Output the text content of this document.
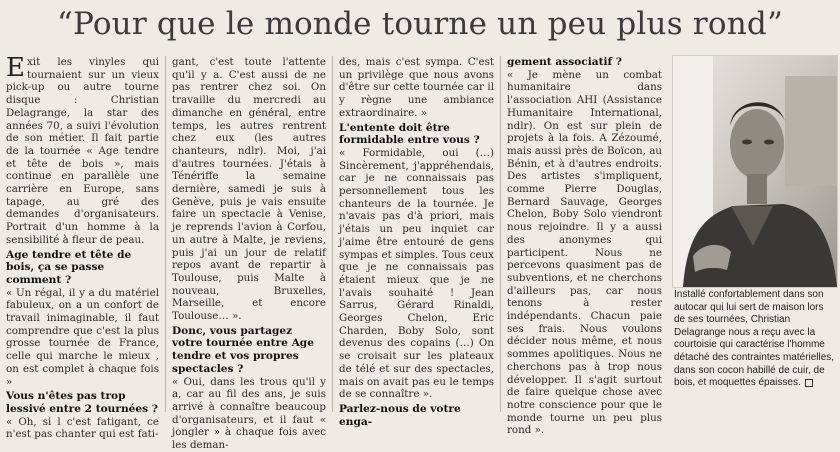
“Pour que le monde tourne un peu plus rond”

Exit les vinyles qui tournaient sur un vieux pick-up ou autre tourne disque : Christian Delagrange, la star des années 70, a suivi l'évolution de son métier. Il fait partie de la tournée « Age tendre et tête de bois », mais continue en parallèle une carrière en Europe, sans tapage, au gré des demandes d'organisateurs. Portrait d'un homme à la sensibilité à fleur de peau.

Age tendre et tête de bois, ça se passe comment ?

« Un régal, il y a du matériel fabuleux, on a un confort de travail inimaginable, il faut comprendre que c'est la plus grosse tournée de France, celle qui marche le mieux , on est complet à chaque fois »

Vous n'êtes pas trop lessivé entre 2 tournées ?

« Oh, si l c'est fatigant, ce n'est pas chanter qui est fati-

gant, c'est toute l'attente qu'il y a. C'est aussi de ne pas rentrer chez soi. On travaille du mercredi au dimanche en général, entre temps, les autres rentrent chez eux (les autres chanteurs, ndlr). Moi, j'ai d'autres tournées. J'étais à Ténériffe la semaine dernière, samedi je suis à Genève, puis je vais ensuite faire un spectacle à Venise, je reprends l'avion à Corfou, un autre à Malte, je reviens, puis j'ai un jour de relatif repos avant de repartir à Toulouse, puis Malte à nouveau, Bruxelles, Marseille, et encore Toulouse… ».

Donc, vous partagez votre tournée entre Age tendre et vos propres spectacles ?

« Oui, dans les trous qu'il y a, car au fil des ans, je suis arrivé à connaître beaucoup d'organisateurs, et il faut « jongler » à chaque fois avec les deman-

des, mais c'est sympa. C'est un privilège que nous avons d'être sur cette tournée car il y règne une ambiance extraordinaire. »

L'entente doit être formidable entre vous ?

« Formidable, oui (…) Sincèrement, j'appréhendais, car je ne connaissais pas personnellement tous les chanteurs de la tournée. Je n'avais pas d'à priori, mais j'étais un peu inquiet car j'aime être entouré de gens sympas et simples. Tous ceux que je ne connaissais pas étaient mieux que je ne l'avais souhaité ! Jean Sarrus, Gérard Rinaldi, Georges Chelon, Eric Charden, Boby Solo, sont devenus des copains (…) On se croisait sur les plateaux de télé et sur des spectacles, mais on avait pas eu le temps de se connaître ».

Parlez-nous de votre enga-
gement associatif ?

« Je mène un combat humanitaire dans l'association AHI (Assistance Humanitaire International, ndlr). On est sur plein de projets à la fois. A Zézoumé, mais aussi près de Boïcon, au Bénin, et à d'autres endroits. Des artistes s'impliquent, comme Pierre Douglas, Bernard Sauvage, Georges Chelon, Boby Solo viendront nous rejoindre. Il y a aussi des anonymes qui participent. Nous ne percevons quasiment pas de subventions, et ne cherchons d'ailleurs pas, car nous tenons à rester indépendants. Chacun paie ses frais. Nous voulons décider nous même, et nous sommes apolitiques. Nous ne cherchons pas à trop nous développer. Il s'agit surtout de faire quelque chose avec notre conscience pour que le monde tourne un peu plus rond ».

Installé confortablement dans son autocar qui lui sert de maison lors de ses tournées, Christian Delagrange nous a reçu avec la courtoisie qui caractérise l'homme détaché des contraintes matérielles, dans son cocon habillé de cuir, de bois, et moquettes épaisses.
